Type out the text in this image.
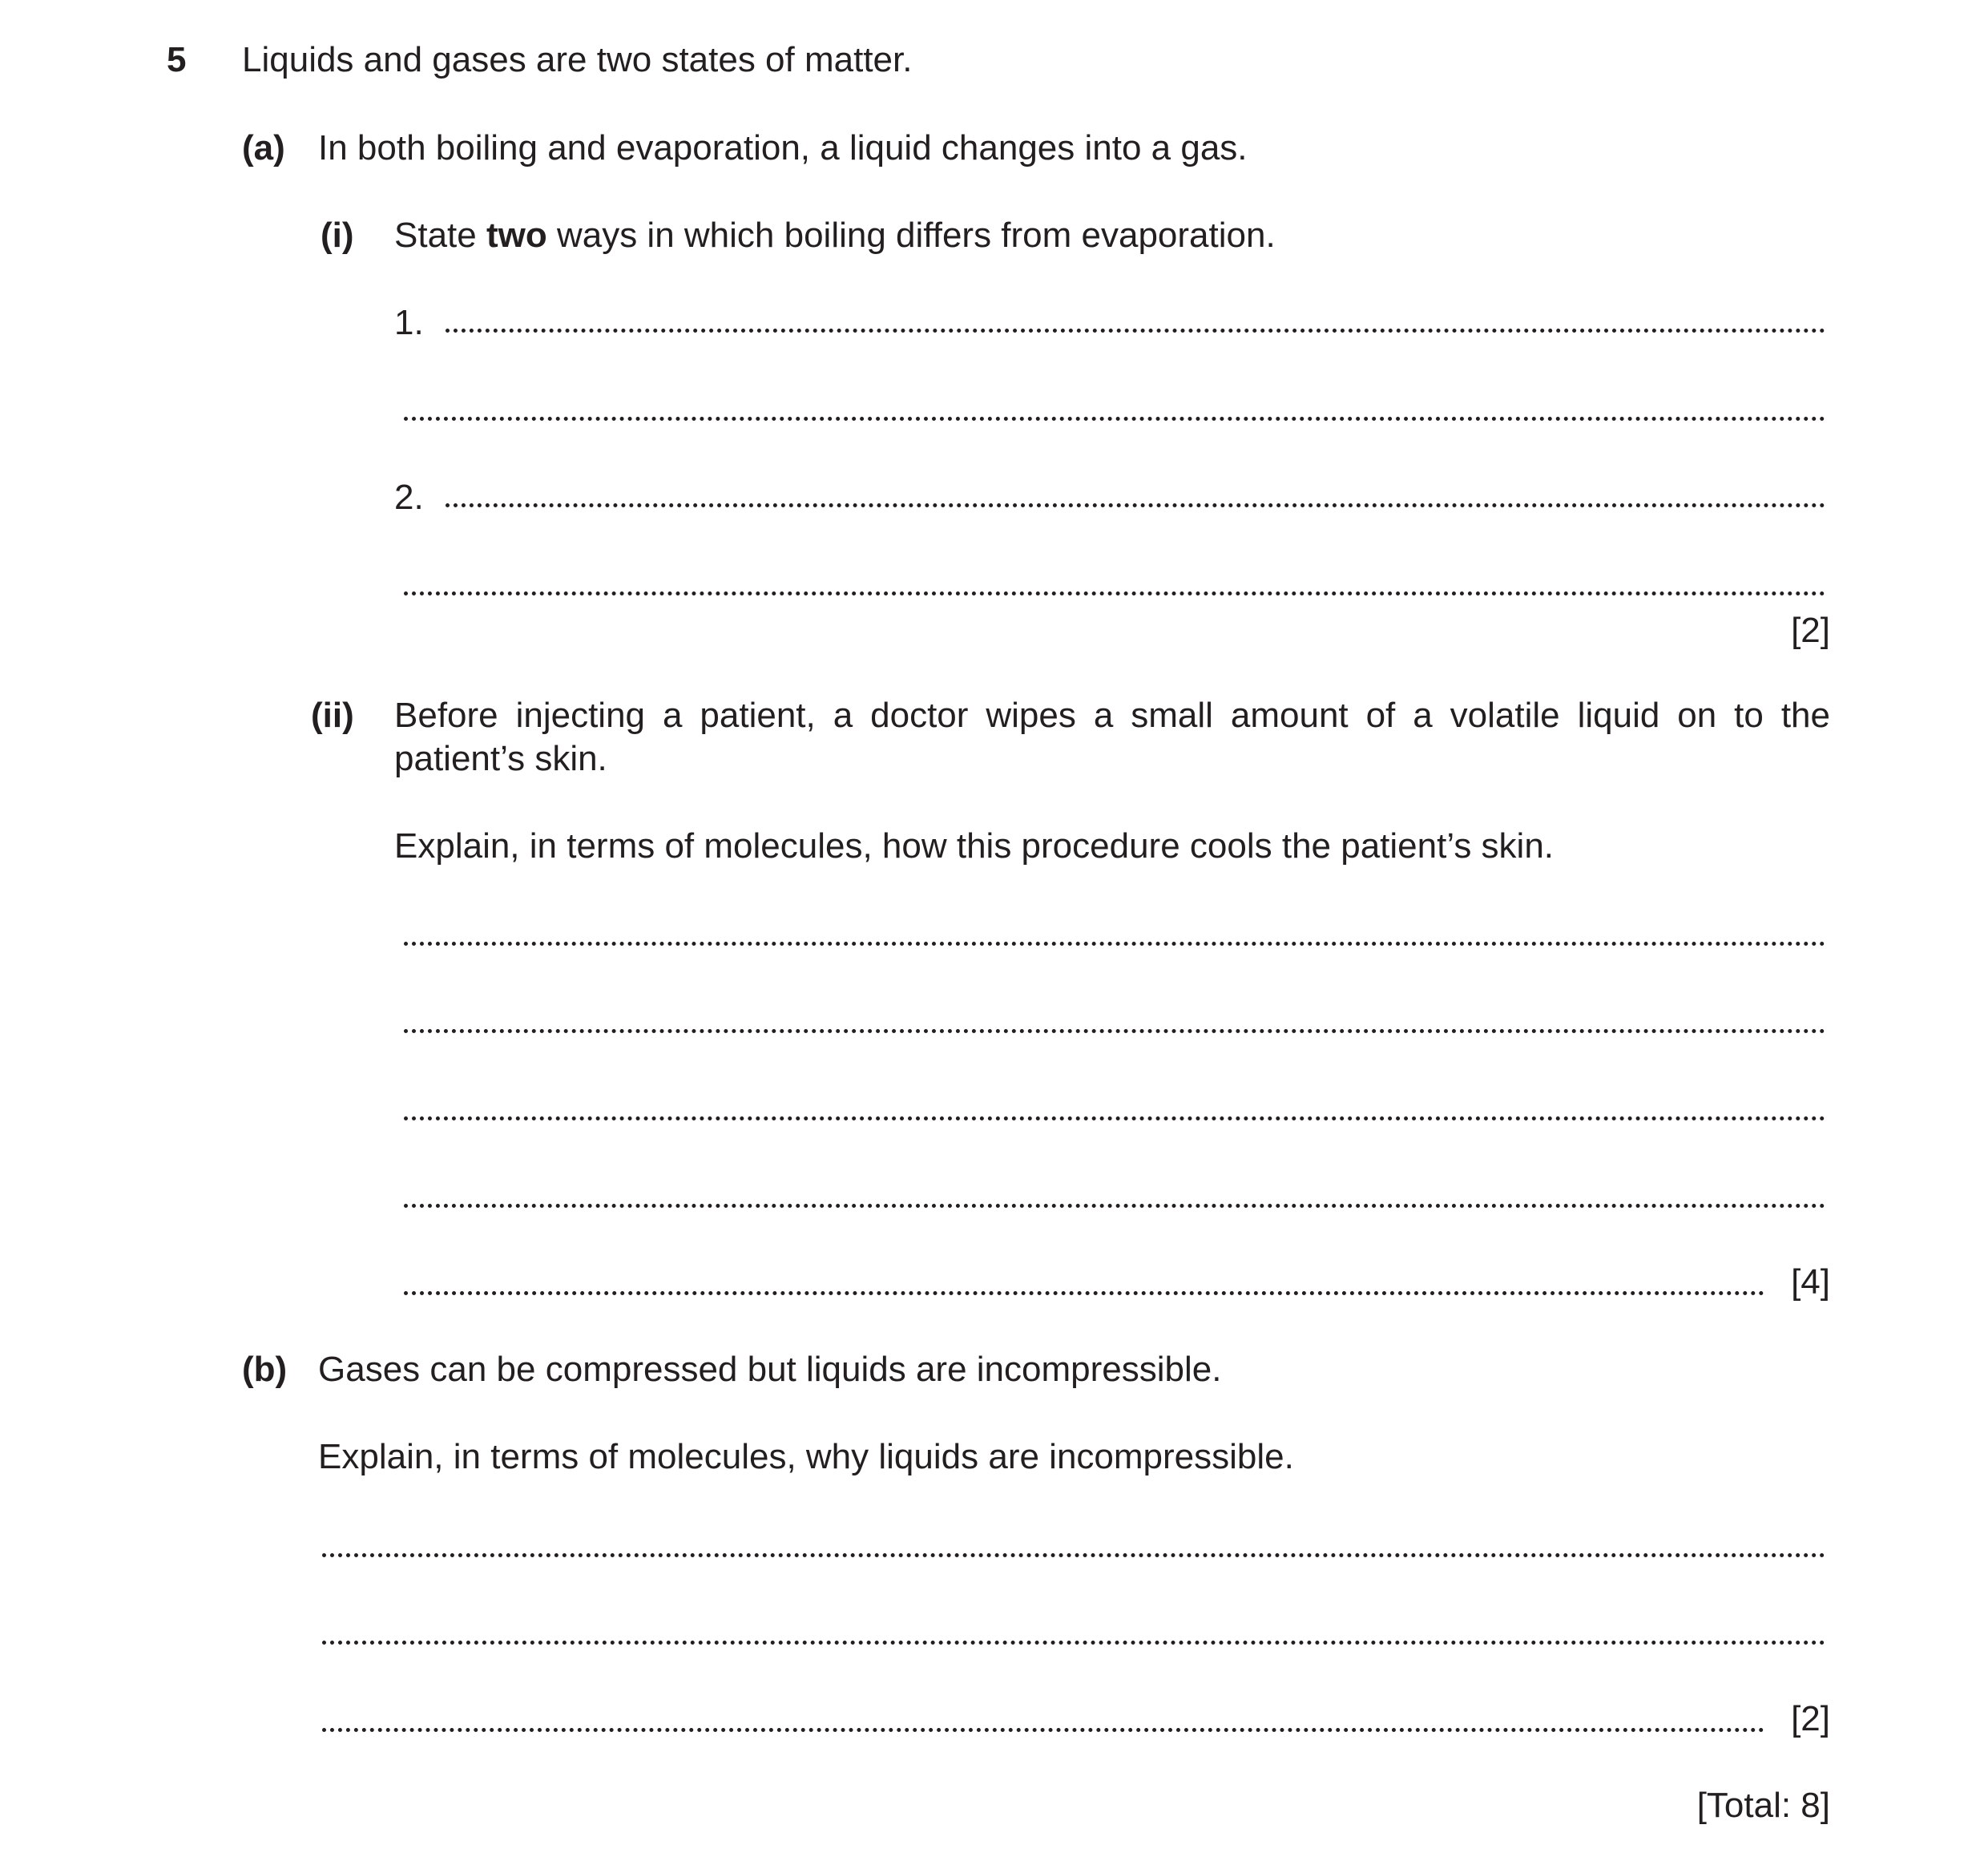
5 Liquids and gases are two states of matter.
(a) In both boiling and evaporation, a liquid changes into a gas.
(i) State two ways in which boiling differs from evaporation.
1.
2.
[2]
(ii) Before injecting a patient, a doctor wipes a small amount of a volatile liquid on to the patient’s skin.
Explain, in terms of molecules, how this procedure cools the patient’s skin.
[4]
(b) Gases can be compressed but liquids are incompressible.
Explain, in terms of molecules, why liquids are incompressible.
[2]
[Total: 8]
